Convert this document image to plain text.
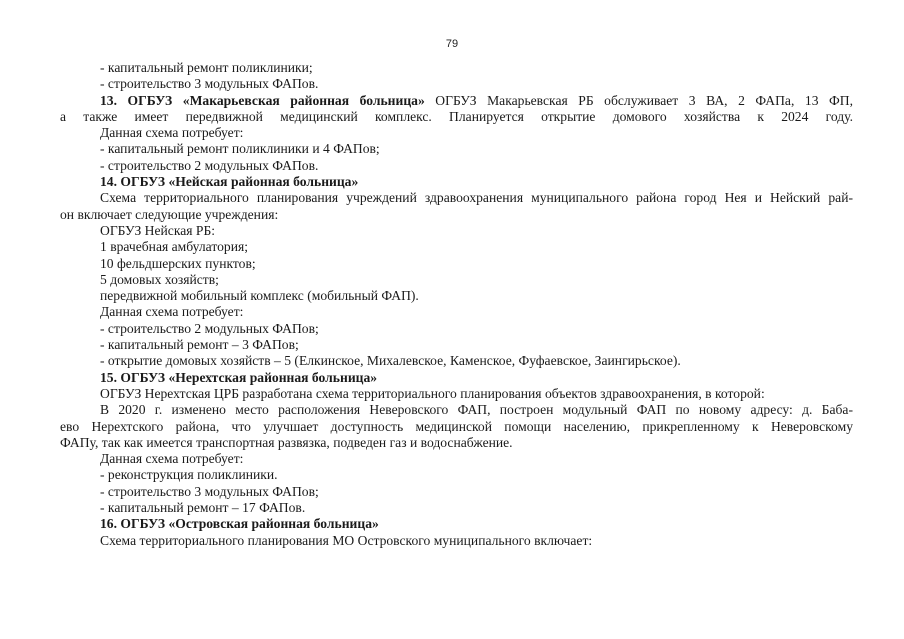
79
- капитальный ремонт поликлиники;
- строительство 3 модульных ФАПов.
13. ОГБУЗ «Макарьевская районная больница» ОГБУЗ Макарьевская РБ обслуживает 3 ВА, 2 ФАПа, 13 ФП,
а также имеет передвижной медицинский комплекс. Планируется открытие домового хозяйства к 2024 году.
Данная схема потребует:
- капитальный ремонт поликлиники и 4 ФАПов;
- строительство 2 модульных ФАПов.
14. ОГБУЗ «Нейская районная больница»
Схема территориального планирования учреждений здравоохранения муниципального района город Нея и Нейский рай-
он включает следующие учреждения:
ОГБУЗ Нейская РБ:
1 врачебная амбулатория;
10 фельдшерских пунктов;
5 домовых хозяйств;
передвижной мобильный комплекс (мобильный ФАП).
Данная схема потребует:
- строительство 2 модульных ФАПов;
- капитальный ремонт – 3 ФАПов;
- открытие домовых хозяйств – 5 (Елкинское, Михалевское, Каменское, Фуфаевское, Заингирьское).
15. ОГБУЗ «Нерехтская районная больница»
ОГБУЗ Нерехтская ЦРБ разработана схема территориального планирования объектов здравоохранения, в которой:
В 2020 г. изменено место расположения Неверовского ФАП, построен модульный ФАП по новому адресу: д. Баба-
ево Нерехтского района, что улучшает доступность медицинской помощи населению, прикрепленному к Неверовскому
ФАПу, так как имеется транспортная развязка, подведен газ и водоснабжение.
Данная схема потребует:
- реконструкция поликлиники.
- строительство 3 модульных ФАПов;
- капитальный ремонт – 17 ФАПов.
16. ОГБУЗ «Островская районная больница»
Схема территориального планирования МО Островского муниципального включает:
